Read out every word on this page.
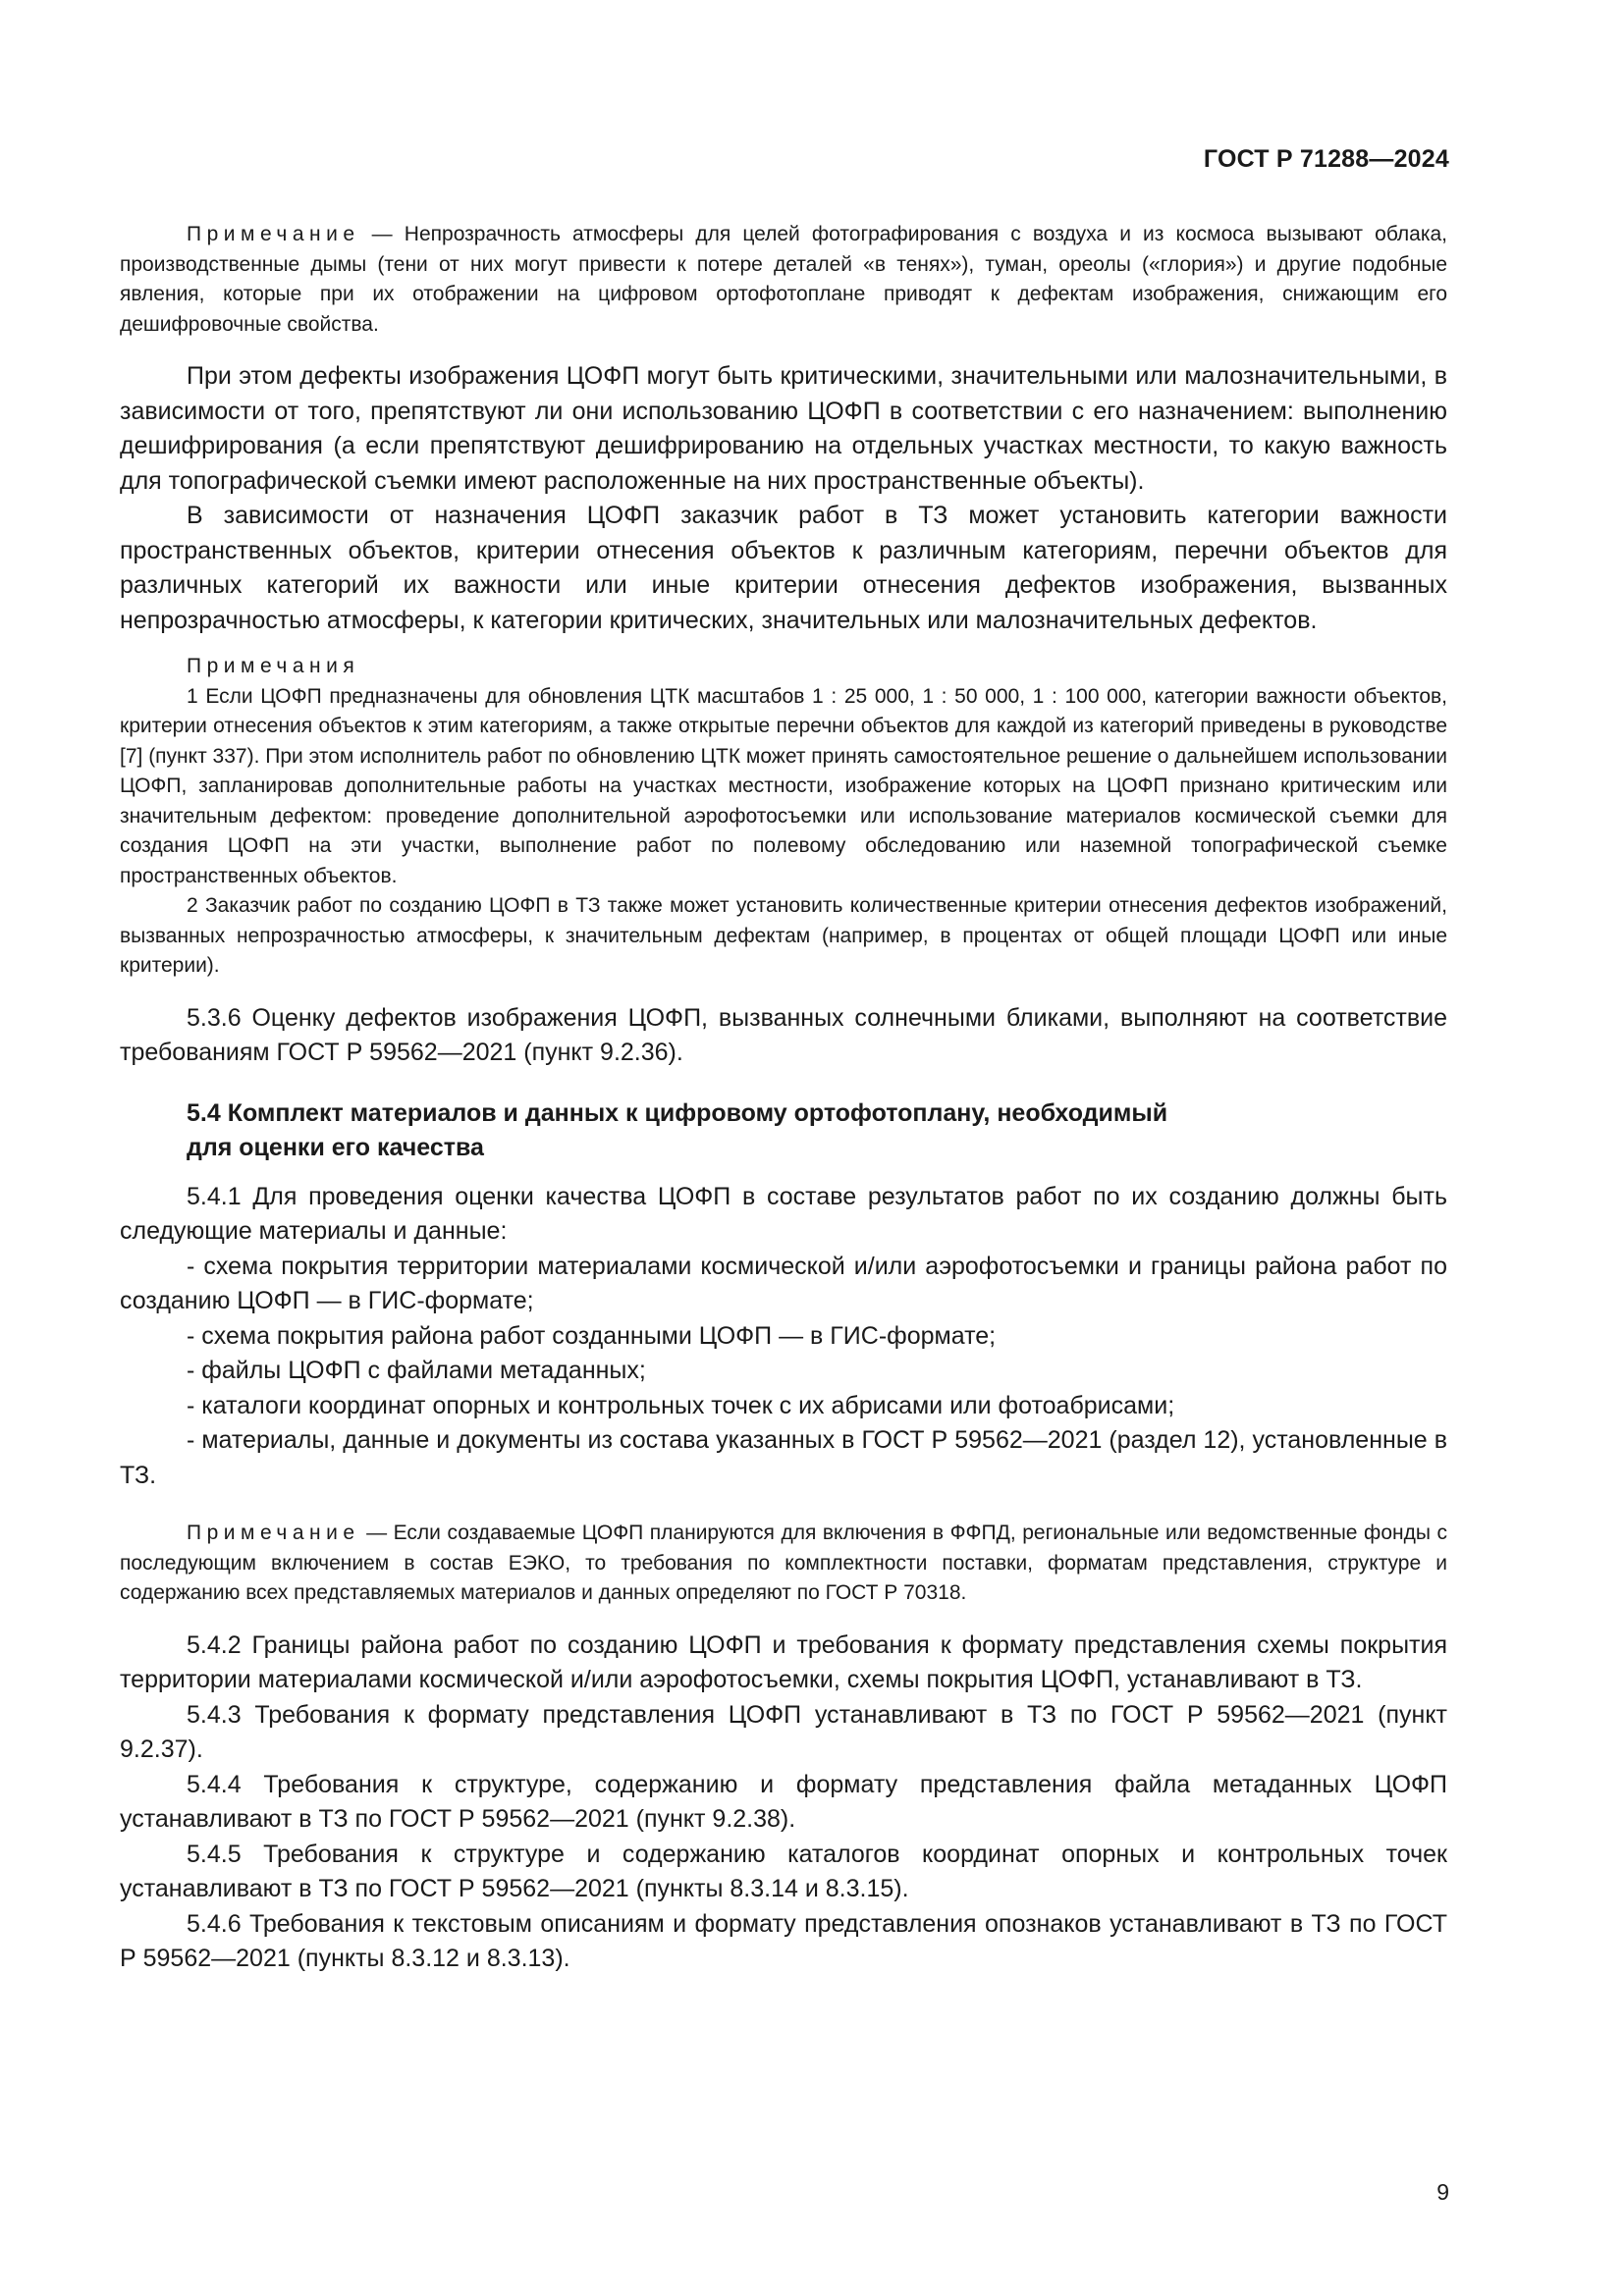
ГОСТ Р 71288—2024

Примечание — Непрозрачность атмосферы для целей фотографирования с воздуха и из космоса вызывают облака, производственные дымы (тени от них могут привести к потере деталей «в тенях»), туман, ореолы («глория») и другие подобные явления, которые при их отображении на цифровом ортофотоплане приводят к дефектам изображения, снижающим его дешифровочные свойства.

При этом дефекты изображения ЦОФП могут быть критическими, значительными или малозначительными, в зависимости от того, препятствуют ли они использованию ЦОФП в соответствии с его назначением: выполнению дешифрирования (а если препятствуют дешифрированию на отдельных участках местности, то какую важность для топографической съемки имеют расположенные на них пространственные объекты).

В зависимости от назначения ЦОФП заказчик работ в ТЗ может установить категории важности пространственных объектов, критерии отнесения объектов к различным категориям, перечни объектов для различных категорий их важности или иные критерии отнесения дефектов изображения, вызванных непрозрачностью атмосферы, к категории критических, значительных или малозначительных дефектов.

Примечания

1 Если ЦОФП предназначены для обновления ЦТК масштабов 1 : 25 000, 1 : 50 000, 1 : 100 000, категории важности объектов, критерии отнесения объектов к этим категориям, а также открытые перечни объектов для каждой из категорий приведены в руководстве [7] (пункт 337). При этом исполнитель работ по обновлению ЦТК может принять самостоятельное решение о дальнейшем использовании ЦОФП, запланировав дополнительные работы на участках местности, изображение которых на ЦОФП признано критическим или значительным дефектом: проведение дополнительной аэрофотосъемки или использование материалов космической съемки для создания ЦОФП на эти участки, выполнение работ по полевому обследованию или наземной топографической съемке пространственных объектов.

2 Заказчик работ по созданию ЦОФП в ТЗ также может установить количественные критерии отнесения дефектов изображений, вызванных непрозрачностью атмосферы, к значительным дефектам (например, в процентах от общей площади ЦОФП или иные критерии).

5.3.6 Оценку дефектов изображения ЦОФП, вызванных солнечными бликами, выполняют на соответствие требованиям ГОСТ Р 59562—2021 (пункт 9.2.36).

5.4 Комплект материалов и данных к цифровому ортофотоплану, необходимый
для оценки его качества

5.4.1 Для проведения оценки качества ЦОФП в составе результатов работ по их созданию должны быть следующие материалы и данные:

- схема покрытия территории материалами космической и/или аэрофотосъемки и границы района работ по созданию ЦОФП — в ГИС-формате;

- схема покрытия района работ созданными ЦОФП — в ГИС-формате;

- файлы ЦОФП с файлами метаданных;

- каталоги координат опорных и контрольных точек с их абрисами или фотоабрисами;

- материалы, данные и документы из состава указанных в ГОСТ Р 59562—2021 (раздел 12), установленные в ТЗ.

Примечание — Если создаваемые ЦОФП планируются для включения в ФФПД, региональные или ведомственные фонды с последующим включением в состав ЕЭКО, то требования по комплектности поставки, форматам представления, структуре и содержанию всех представляемых материалов и данных определяют по ГОСТ Р 70318.

5.4.2 Границы района работ по созданию ЦОФП и требования к формату представления схемы покрытия территории материалами космической и/или аэрофотосъемки, схемы покрытия ЦОФП, устанавливают в ТЗ.

5.4.3 Требования к формату представления ЦОФП устанавливают в ТЗ по ГОСТ Р 59562—2021 (пункт 9.2.37).

5.4.4 Требования к структуре, содержанию и формату представления файла метаданных ЦОФП устанавливают в ТЗ по ГОСТ Р 59562—2021 (пункт 9.2.38).

5.4.5 Требования к структуре и содержанию каталогов координат опорных и контрольных точек устанавливают в ТЗ по ГОСТ Р 59562—2021 (пункты 8.3.14 и 8.3.15).

5.4.6 Требования к текстовым описаниям и формату представления опознаков устанавливают в ТЗ по ГОСТ Р 59562—2021 (пункты 8.3.12 и 8.3.13).

9
